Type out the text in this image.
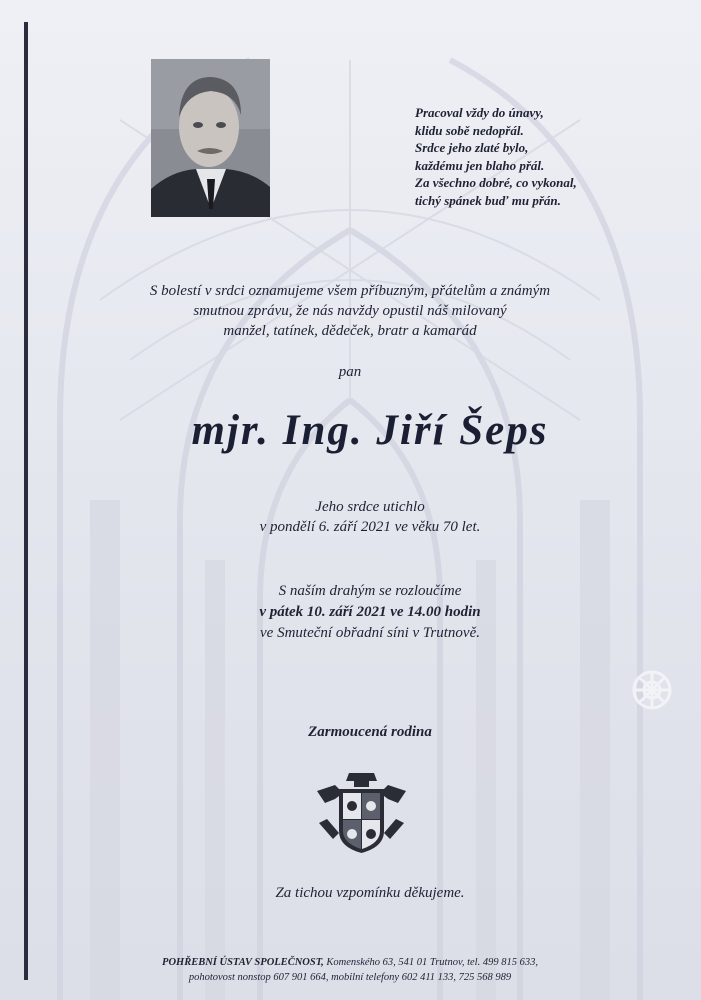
Pracoval vždy do únavy,
klidu sobě nedopřál.
Srdce jeho zlaté bylo,
každému jen blaho přál.
Za všechno dobré, co vykonal,
tichý spánek buď mu přán.
S bolestí v srdci oznamujeme všem příbuzným, přátelům a známým
smutnou zprávu, že nás navždy opustil náš milovaný
manžel, tatínek, dědeček, bratr a kamarád
pan
mjr. Ing. Jiří Šeps
Jeho srdce utichlo
v pondělí 6. září 2021 ve věku 70 let.
S naším drahým se rozloučíme
v pátek 10. září 2021 ve 14.00 hodin
ve Smuteční obřadní síni v Trutnově.
Zarmoucená rodina
Za tichou vzpomínku děkujeme.
POHŘEBNÍ ÚSTAV SPOLEČNOST, Komenského 63, 541 01 Trutnov, tel. 499 815 633,
pohotovost nonstop 607 901 664, mobilní telefony 602 411 133, 725 568 989
